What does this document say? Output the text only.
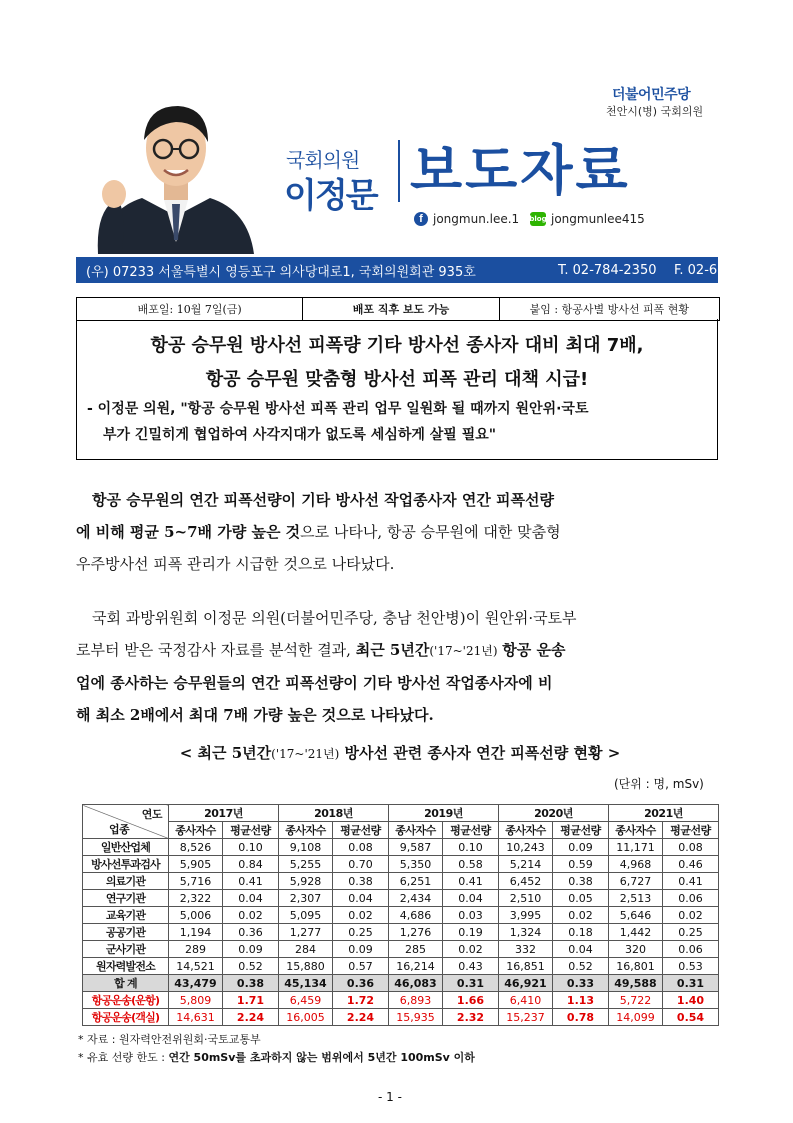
더불어민주당
천안시(병) 국회의원
국회의원
이정문 보도자료
f jongmun.lee.1 blog jongmunlee415
(우) 07233 서울특별시 영등포구 의사당대로1, 국회의원회관 935호	T. 02-784-2350 F. 02-6788-7060
배포일: 10월 7일(금)	배포 직후 보도 가능	붙임 : 항공사별 방사선 피폭 현황
항공 승무원 방사선 피폭량 기타 방사선 종사자 대비 최대 7배,
항공 승무원 맞춤형 방사선 피폭 관리 대책 시급!
- 이정문 의원, "항공 승무원 방사선 피폭 관리 업무 일원화 될 때까지 원안위·국토
부가 긴밀히게 협업하여 사각지대가 없도록 세심하게 살필 필요"
항공 승무원의 연간 피폭선량이 기타 방사선 작업종사자 연간 피폭선량
에 비해 평균 5~7배 가량 높은 것으로 나타나, 항공 승무원에 대한 맞춤형
우주방사선 피폭 관리가 시급한 것으로 나타났다.
국회 과방위원회 이정문 의원(더불어민주당, 충남 천안병)이 원안위·국토부
로부터 받은 국정감사 자료를 분석한 결과, 최근 5년간('17~'21년) 항공 운송
업에 종사하는 승무원들의 연간 피폭선량이 기타 방사선 작업종사자에 비
해 최소 2배에서 최대 7배 가량 높은 것으로 나타났다.
< 최근 5년간('17~'21년) 방사선 관련 종사자 연간 피폭선량 현황 >
(단위 : 명, mSv)
연도
업종	2017년		2018년		2019년		2020년		2021년	
	종사자수	평균선량	종사자수	평균선량	종사자수	평균선량	종사자수	평균선량	종사자수	평균선량
일반산업체	8,526	0.10	9,108	0.08	9,587	0.10	10,243	0.09	11,171	0.08
방사선투과검사	5,905	0.84	5,255	0.70	5,350	0.58	5,214	0.59	4,968	0.46
의료기관	5,716	0.41	5,928	0.38	6,251	0.41	6,452	0.38	6,727	0.41
연구기관	2,322	0.04	2,307	0.04	2,434	0.04	2,510	0.05	2,513	0.06
교육기관	5,006	0.02	5,095	0.02	4,686	0.03	3,995	0.02	5,646	0.02
공공기관	1,194	0.36	1,277	0.25	1,276	0.19	1,324	0.18	1,442	0.25
군사기관	289	0.09	284	0.09	285	0.02	332	0.04	320	0.06
원자력발전소	14,521	0.52	15,880	0.57	16,214	0.43	16,851	0.52	16,801	0.53
합 계	43,479	0.38	45,134	0.36	46,083	0.31	46,921	0.33	49,588	0.31
항공운송(운항)	5,809	1.71	6,459	1.72	6,893	1.66	6,410	1.13	5,722	1.40
항공운송(객실)	14,631	2.24	16,005	2.24	15,935	2.32	15,237	0.78	14,099	0.54
* 자료 : 원자력안전위원회·국토교통부
* 유효 선량 한도 : 연간 50mSv를 초과하지 않는 범위에서 5년간 100mSv 이하
- 1 -
